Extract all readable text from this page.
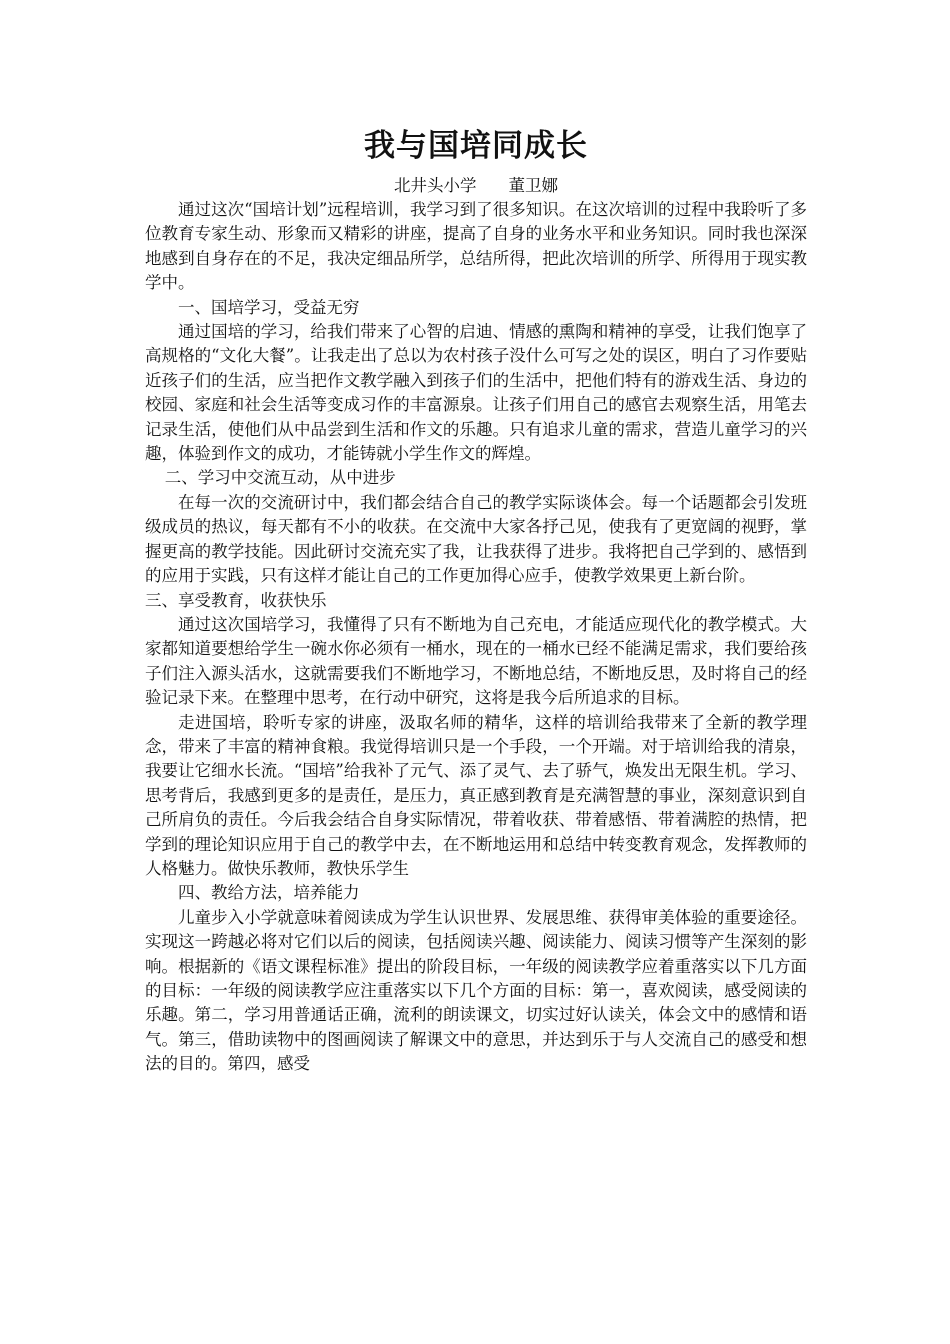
我与国培同成长

北井头小学 董卫娜

通过这次“国培计划”远程培训，我学习到了很多知识。在这次培训的过程中我聆听了多位教育专家生动、形象而又精彩的讲座，提高了自身的业务水平和业务知识。同时我也深深地感到自身存在的不足，我决定细品所学，总结所得，把此次培训的所学、所得用于现实教学中。

一、国培学习，受益无穷

通过国培的学习，给我们带来了心智的启迪、情感的熏陶和精神的享受，让我们饱享了高规格的“文化大餐”。让我走出了总以为农村孩子没什么可写之处的误区，明白了习作要贴近孩子们的生活，应当把作文教学融入到孩子们的生活中，把他们特有的游戏生活、身边的校园、家庭和社会生活等变成习作的丰富源泉。让孩子们用自己的感官去观察生活，用笔去记录生活，使他们从中品尝到生活和作文的乐趣。只有追求儿童的需求，营造儿童学习的兴趣，体验到作文的成功，才能铸就小学生作文的辉煌。

二、学习中交流互动，从中进步

在每一次的交流研讨中，我们都会结合自己的教学实际谈体会。每一个话题都会引发班级成员的热议，每天都有不小的收获。在交流中大家各抒己见，使我有了更宽阔的视野，掌握更高的教学技能。因此研讨交流充实了我，让我获得了进步。我将把自己学到的、感悟到的应用于实践，只有这样才能让自己的工作更加得心应手，使教学效果更上新台阶。

三、享受教育，收获快乐

通过这次国培学习，我懂得了只有不断地为自己充电，才能适应现代化的教学模式。大家都知道要想给学生一碗水你必须有一桶水，现在的一桶水已经不能满足需求，我们要给孩子们注入源头活水，这就需要我们不断地学习，不断地总结，不断地反思，及时将自己的经验记录下来。在整理中思考，在行动中研究，这将是我今后所追求的目标。

走进国培，聆听专家的讲座，汲取名师的精华，这样的培训给我带来了全新的教学理念，带来了丰富的精神食粮。我觉得培训只是一个手段，一个开端。对于培训给我的清泉，我要让它细水长流。“国培”给我补了元气、添了灵气、去了骄气，焕发出无限生机。学习、思考背后，我感到更多的是责任，是压力，真正感到教育是充满智慧的事业，深刻意识到自己所肩负的责任。今后我会结合自身实际情况，带着收获、带着感悟、带着满腔的热情，把学到的理论知识应用于自己的教学中去，在不断地运用和总结中转变教育观念，发挥教师的人格魅力。做快乐教师，教快乐学生

四、教给方法，培养能力

儿童步入小学就意味着阅读成为学生认识世界、发展思维、获得审美体验的重要途径。实现这一跨越必将对它们以后的阅读，包括阅读兴趣、阅读能力、阅读习惯等产生深刻的影响。根据新的《语文课程标准》提出的阶段目标，一年级的阅读教学应着重落实以下几方面的目标：一年级的阅读教学应注重落实以下几个方面的目标：第一，喜欢阅读，感受阅读的乐趣。第二，学习用普通话正确，流利的朗读课文，切实过好认读关，体会文中的感情和语气。第三，借助读物中的图画阅读了解课文中的意思，并达到乐于与人交流自己的感受和想法的目的。第四，感受
